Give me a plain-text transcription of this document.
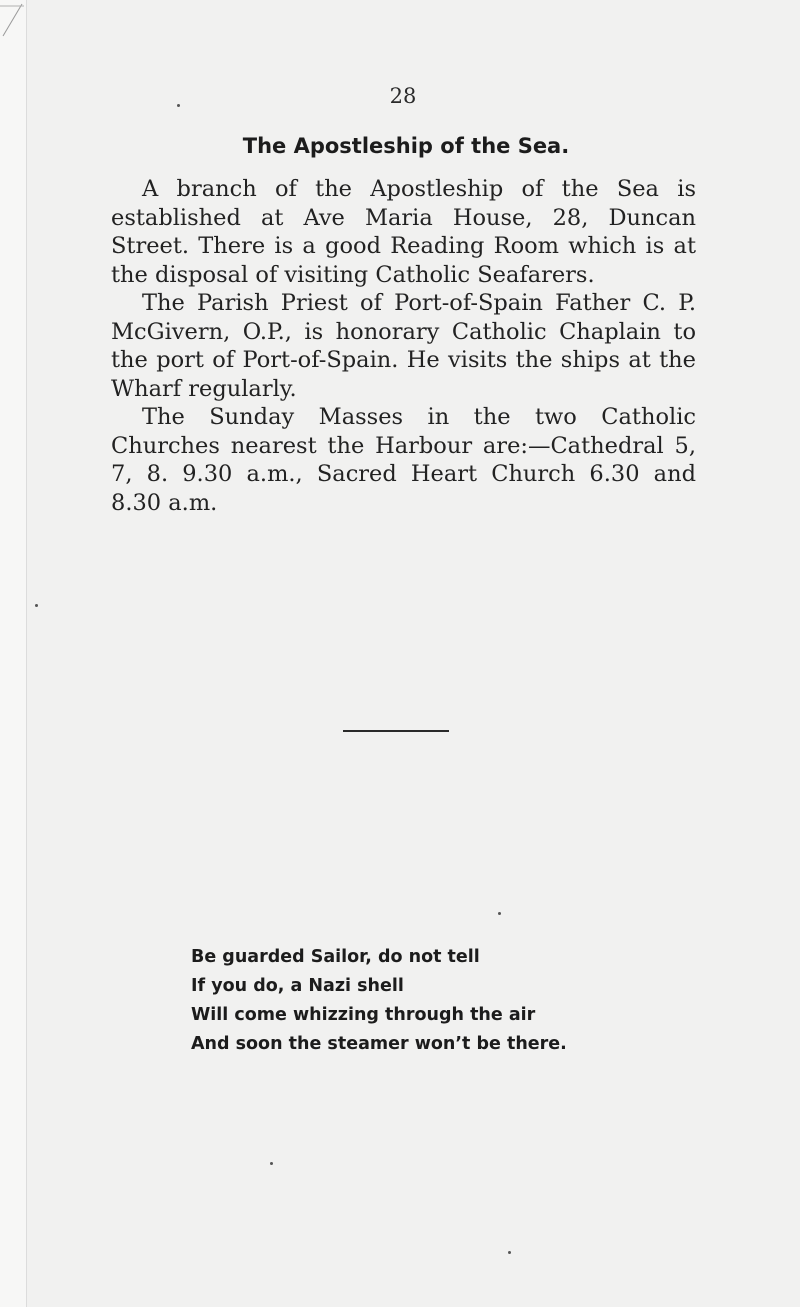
28
The Apostleship of the Sea.

A branch of the Apostleship of the Sea is established at Ave Maria House, 28, Duncan Street. There is a good Reading Room which is at the disposal of visiting Catholic Seafarers.

The Parish Priest of Port-of-Spain Father C. P. McGivern, O.P., is honorary Catholic Chaplain to the port of Port-of-Spain. He visits the ships at the Wharf regularly.

The Sunday Masses in the two Catholic Churches nearest the Harbour are:—Cathedral 5, 7, 8. 9.30 a.m., Sacred Heart Church 6.30 and 8.30 a.m.

Be guarded Sailor, do not tell
If you do, a Nazi shell
Will come whizzing through the air
And soon the steamer won’t be there.
